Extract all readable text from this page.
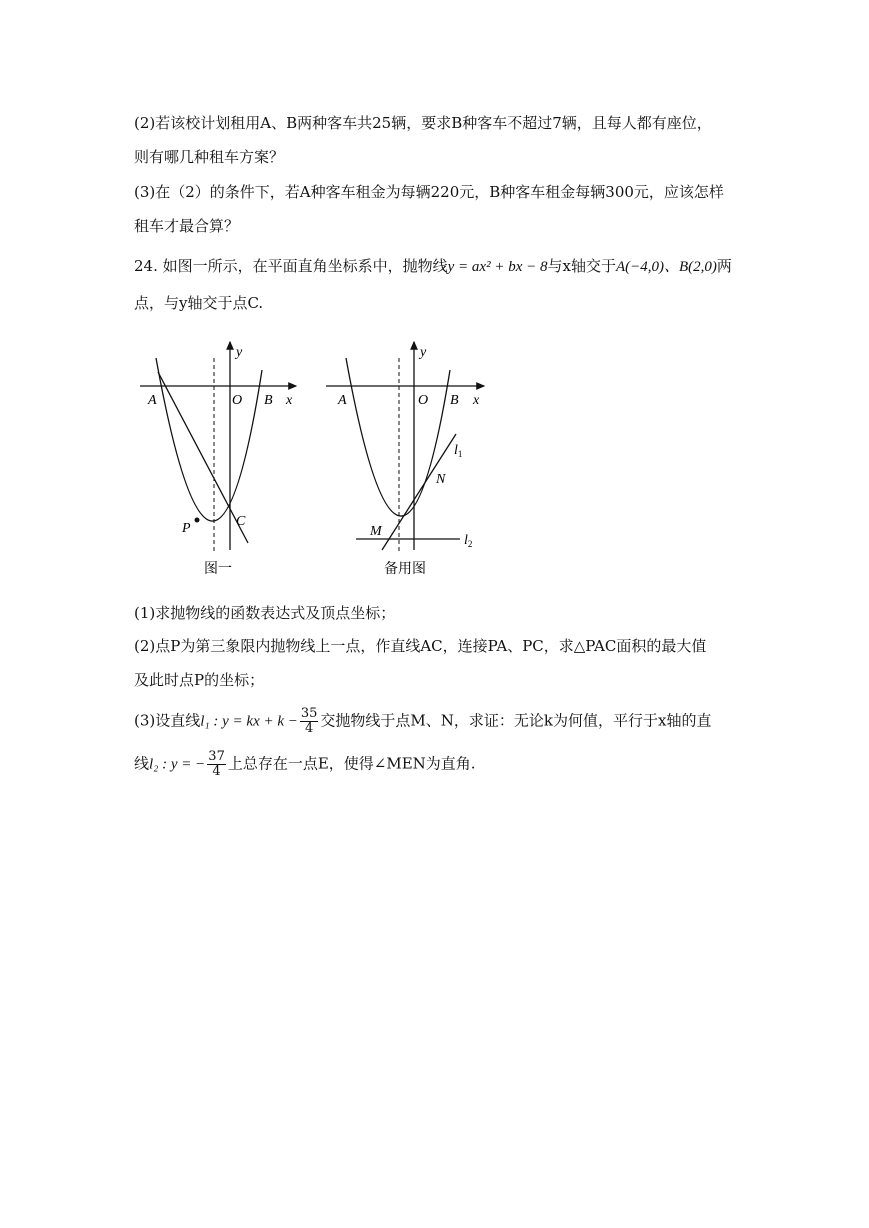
(2)若该校计划租用A、B两种客车共25辆，要求B种客车不超过7辆，且每人都有座位，
则有哪几种租车方案？
(3)在（2）的条件下，若A种客车租金为每辆220元，B种客车租金每辆300元，应该怎样
租车才最合算？
24. 如图一所示，在平面直角坐标系中，抛物线y = ax² + bx − 8与x轴交于A(−4,0)、B(2,0)两
点，与y轴交于点C.
y
x
O
A	B
C
P
图一
y
x
O
A	B
N
M
$l_1$
$l_2$
备用图
(1)求抛物线的函数表达式及顶点坐标；
(2)点P为第三象限内抛物线上一点，作直线AC，连接PA、PC，求△PAC面积的最大值
及此时点P的坐标；
(3)设直线l₁ : y = kx + $k - \frac{35}{4}$ 交抛物线于点M、N，求证：无论k为何值，平行于x轴的直
线l₂ : y = − $\frac{37}{4}$ 上总存在一点E，使得∠MEN为直角.
